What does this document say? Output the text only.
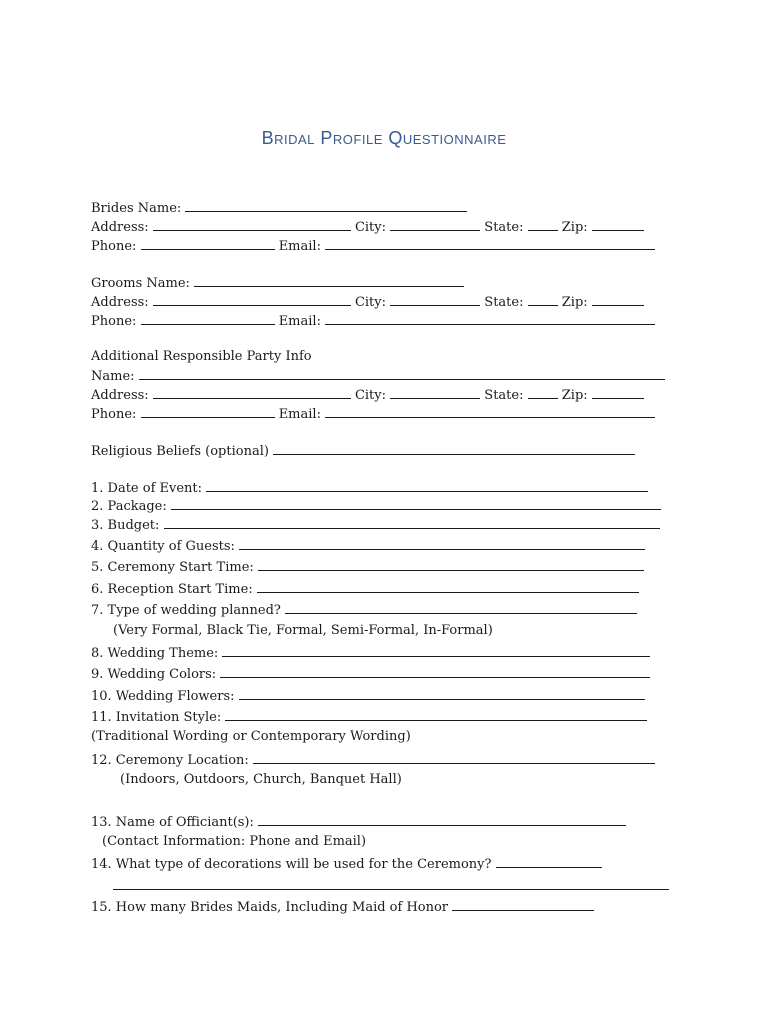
Bridal Profile Questionnaire
Brides Name:
Address:	City:	State:	Zip:
Phone:	Email:
Grooms Name:
Address:	City:	State:	Zip:
Phone:	Email:
Additional Responsible Party Info
Name:
Address:	City:	State:	Zip:
Phone:	Email:
Religious Beliefs (optional)
1. Date of Event:
2. Package:
3. Budget:
4. Quantity of Guests:
5. Ceremony Start Time:
6. Reception Start Time:
7. Type of wedding planned?
(Very Formal, Black Tie, Formal, Semi-Formal, In-Formal)
8. Wedding Theme:
9. Wedding Colors:
10. Wedding Flowers:
11. Invitation Style:
(Traditional Wording or Contemporary Wording)
12. Ceremony Location:
(Indoors, Outdoors, Church, Banquet Hall)
13. Name of Officiant(s):
(Contact Information: Phone and Email)
14. What type of decorations will be used for the Ceremony?
15. How many Brides Maids, Including Maid of Honor
